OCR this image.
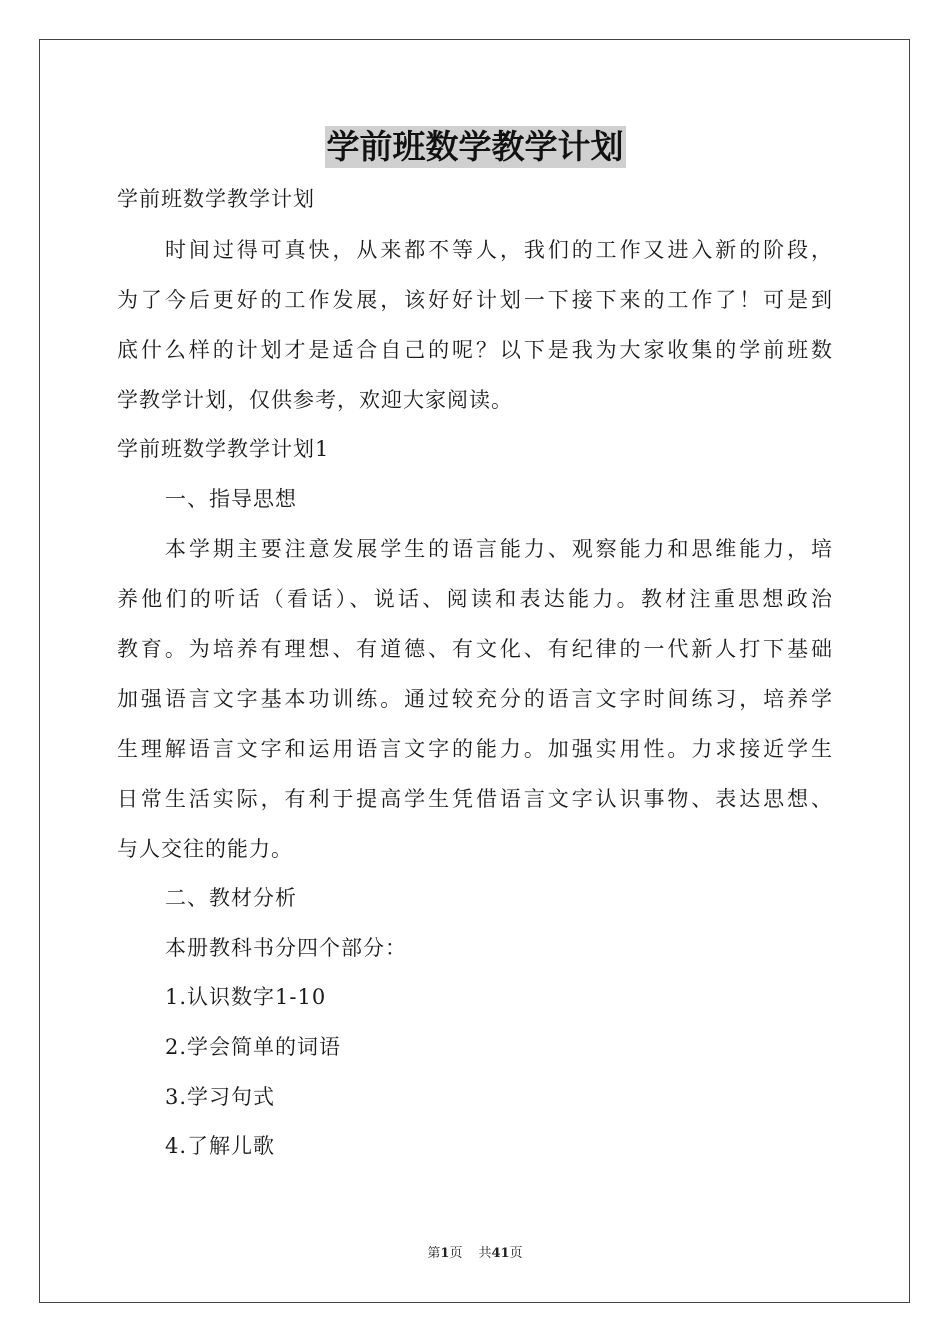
学前班数学教学计划
学前班数学教学计划
时间过得可真快，从来都不等人，我们的工作又进入新的阶段，
为了今后更好的工作发展，该好好计划一下接下来的工作了！可是到
底什么样的计划才是适合自己的呢？以下是我为大家收集的学前班数
学教学计划，仅供参考，欢迎大家阅读。
学前班数学教学计划1
一、指导思想
本学期主要注意发展学生的语言能力、观察能力和思维能力，培
养他们的听话（看话）、说话、阅读和表达能力。教材注重思想政治
教育。为培养有理想、有道德、有文化、有纪律的一代新人打下基础
加强语言文字基本功训练。通过较充分的语言文字时间练习，培养学
生理解语言文字和运用语言文字的能力。加强实用性。力求接近学生
日常生活实际，有利于提高学生凭借语言文字认识事物、表达思想、
与人交往的能力。
二、教材分析
本册教科书分四个部分：
1.认识数字1-10
2.学会简单的词语
3.学习句式
4.了解儿歌
第1页 共41页
